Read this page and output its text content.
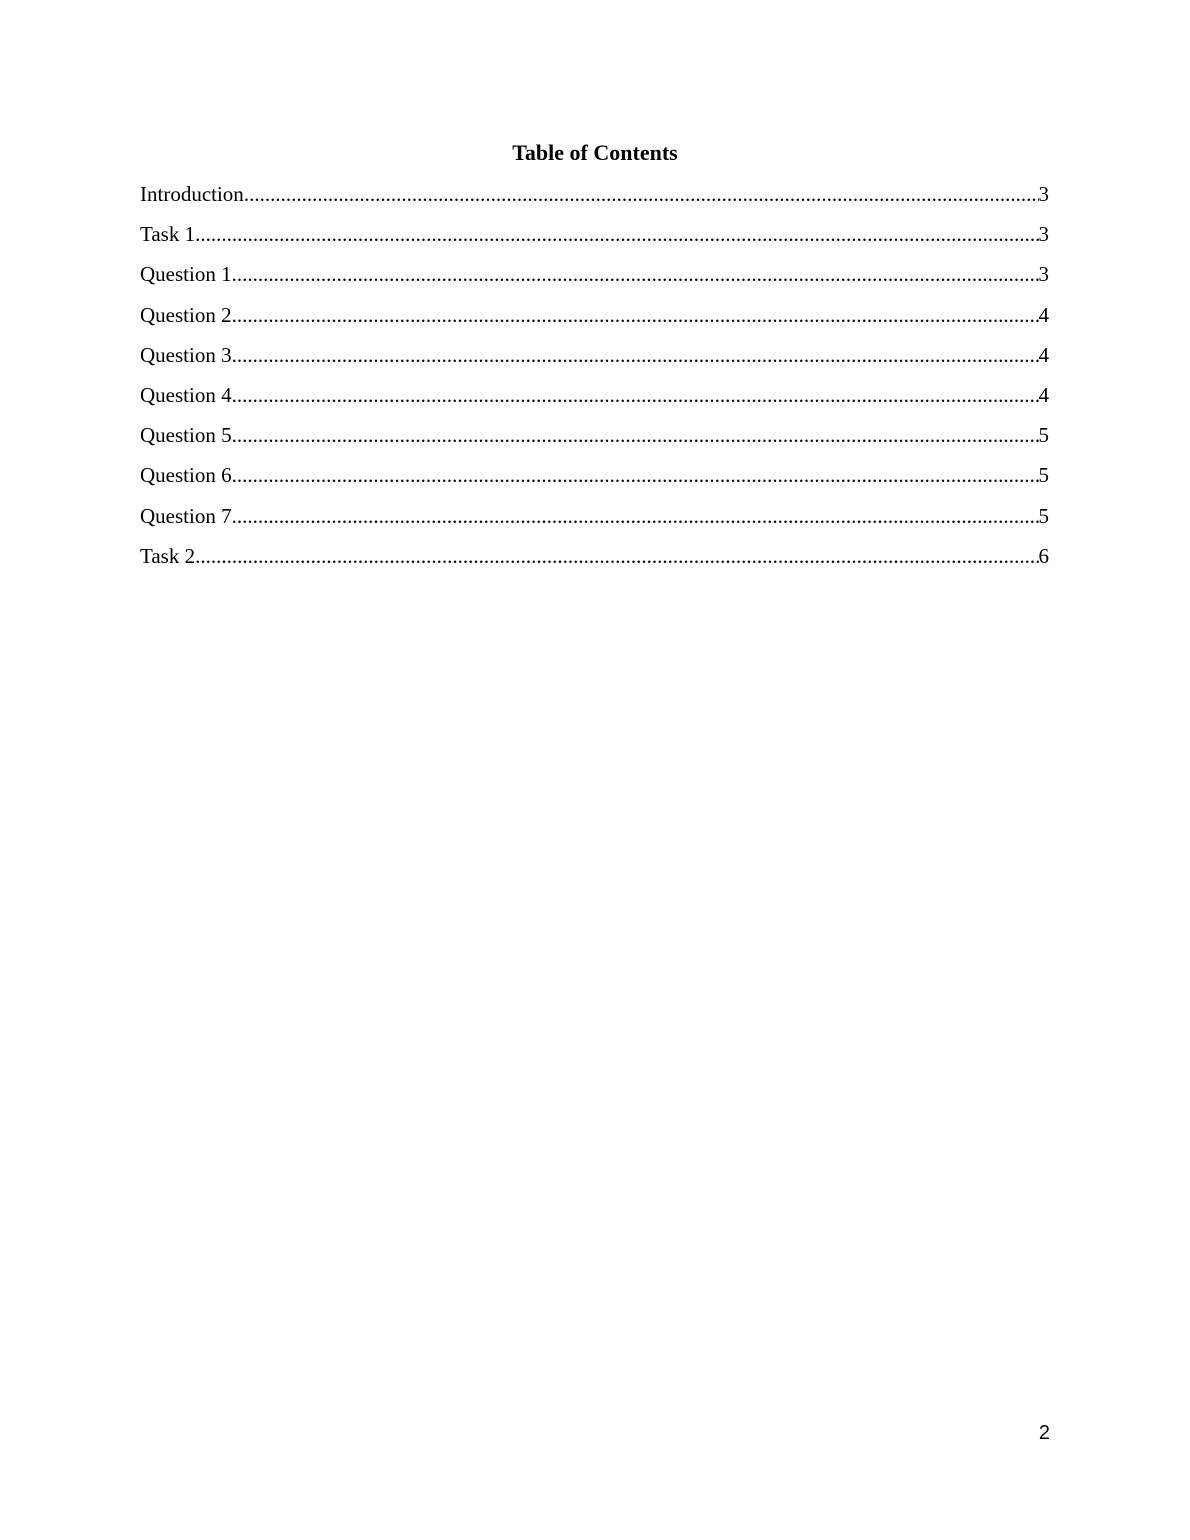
Table of Contents
Introduction .....	3
Task 1 .....	3
Question 1 .....	3
Question 2 .....	4
Question 3 .....	4
Question 4 .....	4
Question 5 .....	5
Question 6 .....	5
Question 7 .....	5
Task 2 .....	6
2
